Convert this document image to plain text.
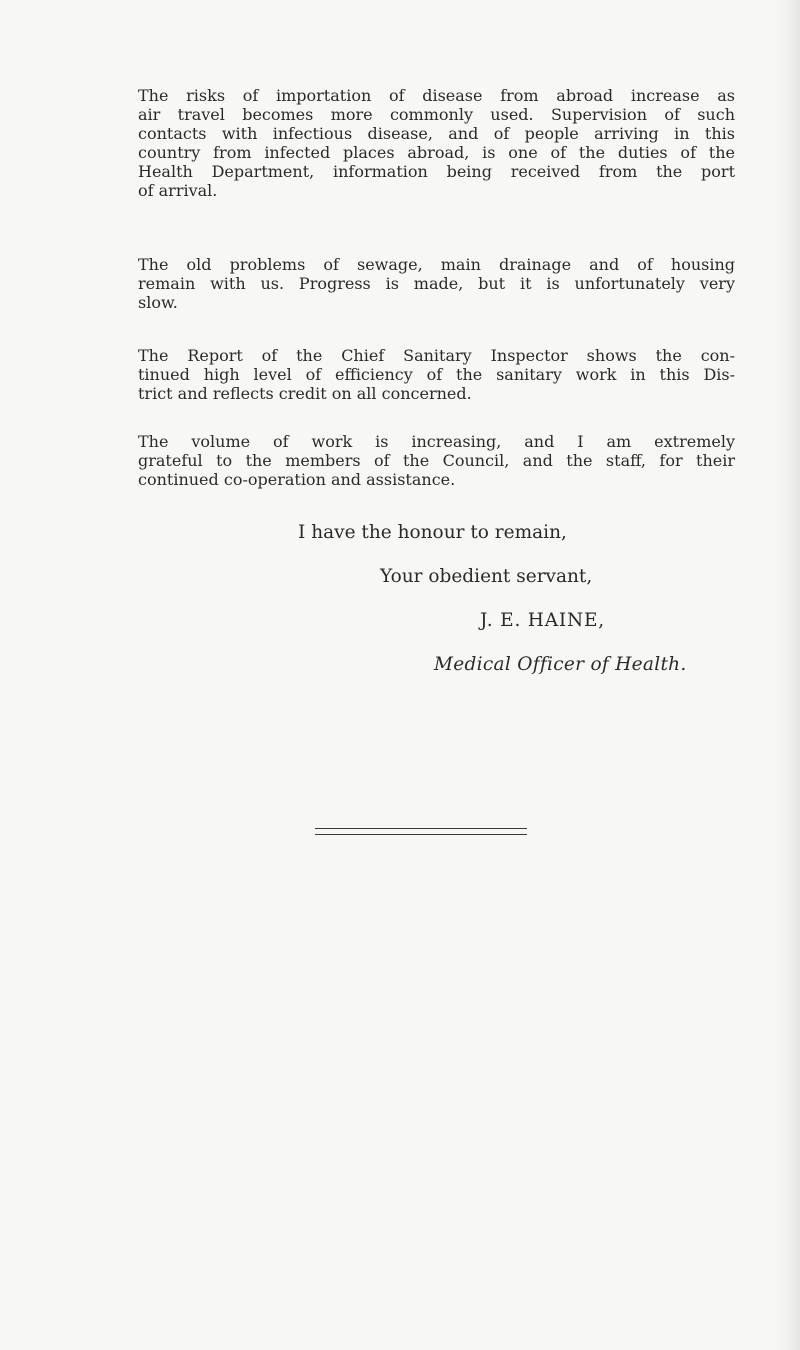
The risks of importation of disease from abroad increase as
air travel becomes more commonly used. Supervision of such
contacts with infectious disease, and of people arriving in this
country from infected places abroad, is one of the duties of the
Health Department, information being received from the port
of arrival.
The old problems of sewage, main drainage and of housing
remain with us. Progress is made, but it is unfortunately very
slow.
The Report of the Chief Sanitary Inspector shows the con-
tinued high level of efficiency of the sanitary work in this Dis-
trict and reflects credit on all concerned.
The volume of work is increasing, and I am extremely
grateful to the members of the Council, and the staff, for their
continued co-operation and assistance.
I have the honour to remain,
Your obedient servant,
J. E. HAINE,
Medical Officer of Health.
